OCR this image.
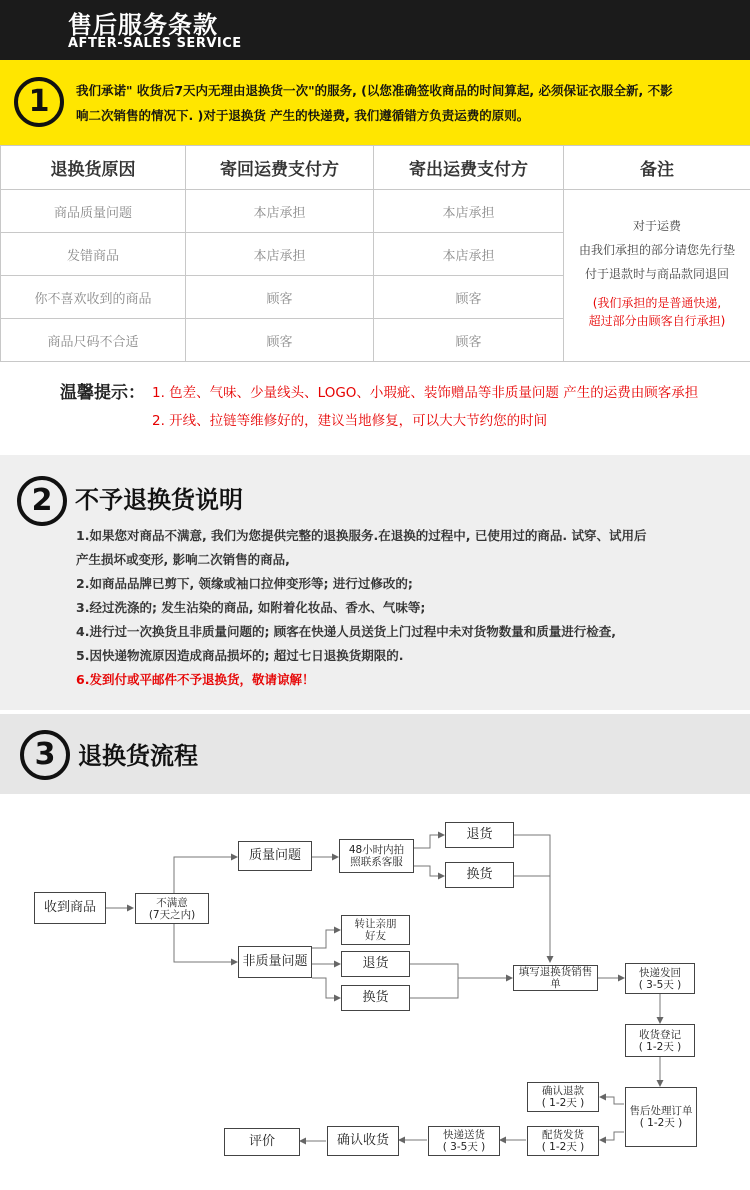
售后服务条款
AFTER-SALES SERVICE
1	我们承诺" 收货后7天内无理由退换货一次"的服务, (以您准确签收商品的时间算起, 必须保证衣服全新, 不影响二次销售的情况下. )对于退换货 产生的快递费, 我们遵循错方负责运费的原则。
退换货原因	寄回运费支付方	寄出运费支付方	备注
商品质量问题	本店承担	本店承担	对于运费
由我们承担的部分请您先行垫
付于退款时与商品款同退回
(我们承担的是普通快递,
超过部分由顾客自行承担)

发错商品	本店承担	本店承担	
你不喜欢收到的商品	顾客	顾客	
商品尺码不合适	顾客	顾客	
温馨提示： 1. 色差、气味、少量线头、LOGO、小瑕疵、装饰赠品等非质量问题 产生的运费由顾客承担
2. 开线、拉链等维修好的，建议当地修复，可以大大节约您的时间
2 不予退换货说明
1.如果您对商品不满意, 我们为您提供完整的退换服务.在退换的过程中, 已使用过的商品. 试穿、试用后
产生损坏或变形, 影响二次销售的商品,
2.如商品品牌已剪下, 领缘或袖口拉伸变形等; 进行过修改的;
3.经过洗涤的; 发生沾染的商品, 如附着化妆品、香水、气味等;
4.进行过一次换货且非质量问题的; 顾客在快递人员送货上门过程中未对货物数量和质量进行检查,
5.因快递物流原因造成商品损坏的; 超过七日退换货期限的.
6.发到付或平邮件不予退换货，敬请谅解！
3 退换货流程
收到商品	不满意
(7天之内)
质量问题	48小时内拍
照联系客服
退货
换货
非质量问题
转让亲朋
好友
退货
换货
填写退换货销售单
快递发回
( 3-5天 )
收货登记
( 1-2天 )
售后处理订单
( 1-2天 )
确认退款
( 1-2天 )
配货发货
( 1-2天 )
快递送货
( 3-5天 )
确认收货
评价
